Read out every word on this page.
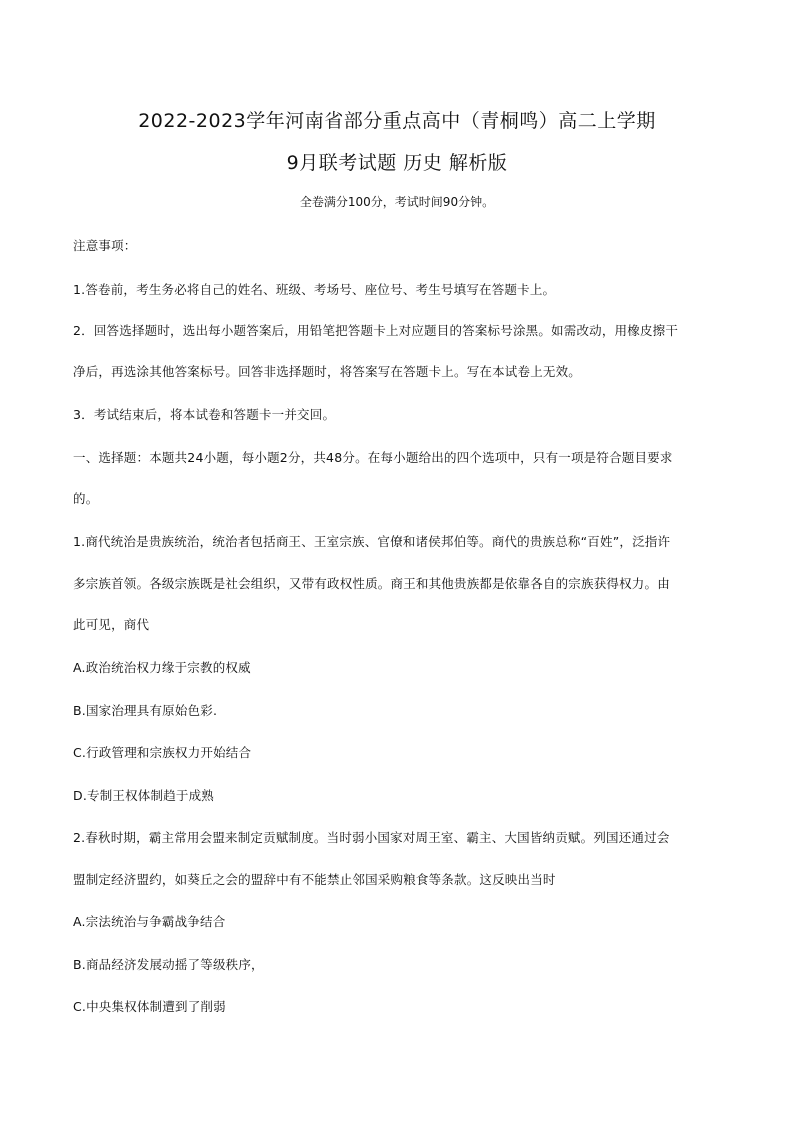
2022-2023学年河南省部分重点高中（青桐鸣）高二上学期
9月联考试题 历史 解析版
全卷满分100分，考试时间90分钟。
注意事项：
1.答卷前，考生务必将自己的姓名、班级、考场号、座位号、考生号填写在答题卡上。
2．回答选择题时，选出每小题答案后，用铅笔把答题卡上对应题目的答案标号涂黑。如需改动，用橡皮擦干
净后，再选涂其他答案标号。回答非选择题时，将答案写在答题卡上。写在本试卷上无效。
3．考试结束后，将本试卷和答题卡一并交回。
一、选择题：本题共24小题，每小题2分，共48分。在每小题给出的四个选项中，只有一项是符合题目要求
的。
1.商代统治是贵族统治，统治者包括商王、王室宗族、官僚和诸侯邦伯等。商代的贵族总称“百姓”，泛指许
多宗族首领。各级宗族既是社会组织，又带有政权性质。商王和其他贵族都是依靠各自的宗族获得权力。由
此可见，商代
A.政治统治权力缘于宗教的权威
B.国家治理具有原始色彩.
C.行政管理和宗族权力开始结合
D.专制王权体制趋于成熟
2.春秋时期，霸主常用会盟来制定贡赋制度。当时弱小国家对周王室、霸主、大国皆纳贡赋。列国还通过会
盟制定经济盟约，如葵丘之会的盟辞中有不能禁止邻国采购粮食等条款。这反映出当时
A.宗法统治与争霸战争结合
B.商品经济发展动摇了等级秩序，
C.中央集权体制遭到了削弱
